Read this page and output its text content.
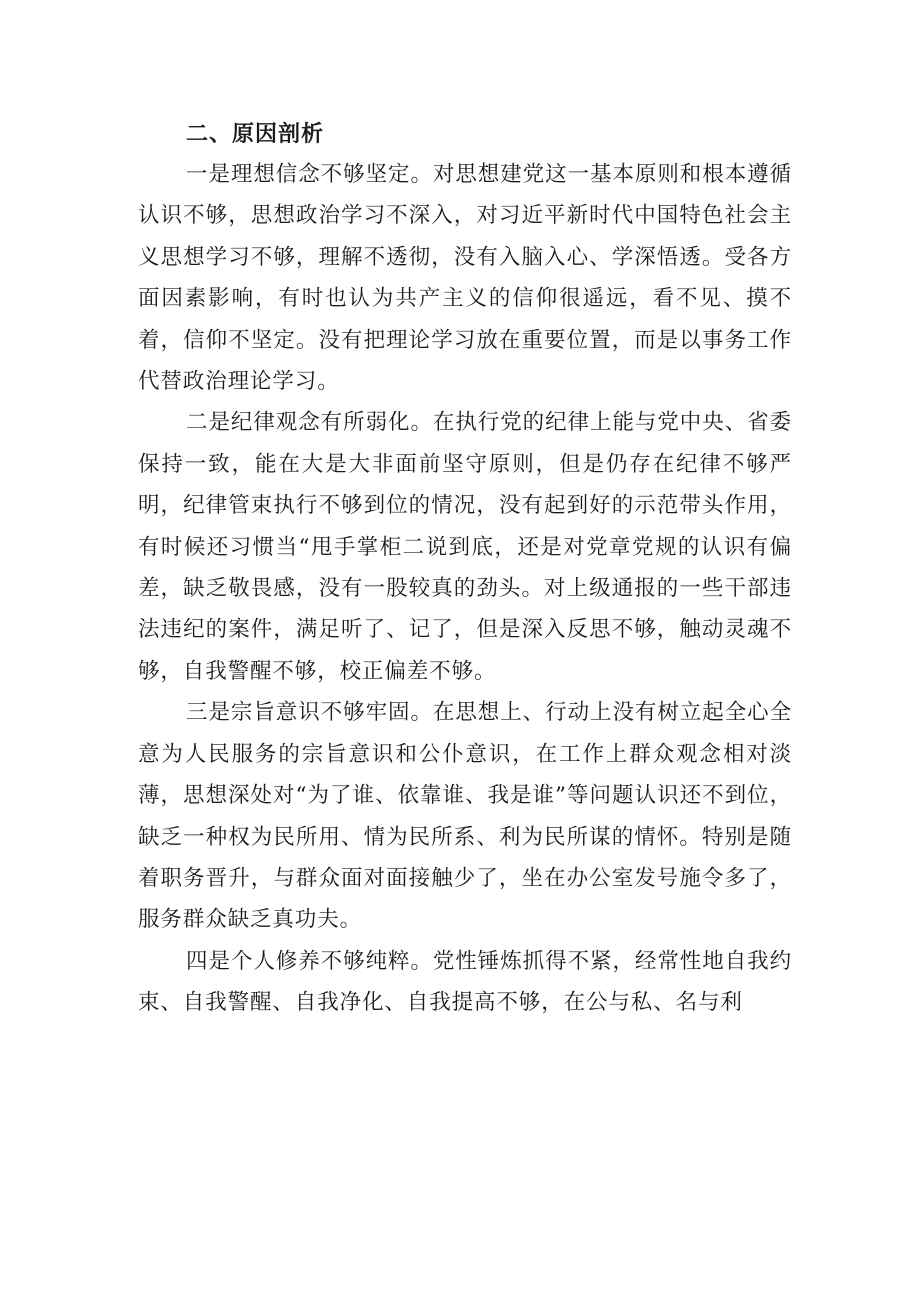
二、原因剖析

一是理想信念不够坚定。对思想建党这一基本原则和根本遵循认识不够，思想政治学习不深入，对习近平新时代中国特色社会主义思想学习不够，理解不透彻，没有入脑入心、学深悟透。受各方面因素影响，有时也认为共产主义的信仰很遥远，看不见、摸不着，信仰不坚定。没有把理论学习放在重要位置，而是以事务工作代替政治理论学习。

二是纪律观念有所弱化。在执行党的纪律上能与党中央、省委保持一致，能在大是大非面前坚守原则，但是仍存在纪律不够严明，纪律管束执行不够到位的情况，没有起到好的示范带头作用，有时候还习惯当“甩手掌柜二说到底，还是对党章党规的认识有偏差，缺乏敬畏感，没有一股较真的劲头。对上级通报的一些干部违法违纪的案件，满足听了、记了，但是深入反思不够，触动灵魂不够，自我警醒不够，校正偏差不够。

三是宗旨意识不够牢固。在思想上、行动上没有树立起全心全意为人民服务的宗旨意识和公仆意识，在工作上群众观念相对淡薄，思想深处对“为了谁、依靠谁、我是谁”等问题认识还不到位，缺乏一种权为民所用、情为民所系、利为民所谋的情怀。特别是随着职务晋升，与群众面对面接触少了，坐在办公室发号施令多了，服务群众缺乏真功夫。

四是个人修养不够纯粹。党性锤炼抓得不紧，经常性地自我约束、自我警醒、自我净化、自我提高不够，在公与私、名与利
